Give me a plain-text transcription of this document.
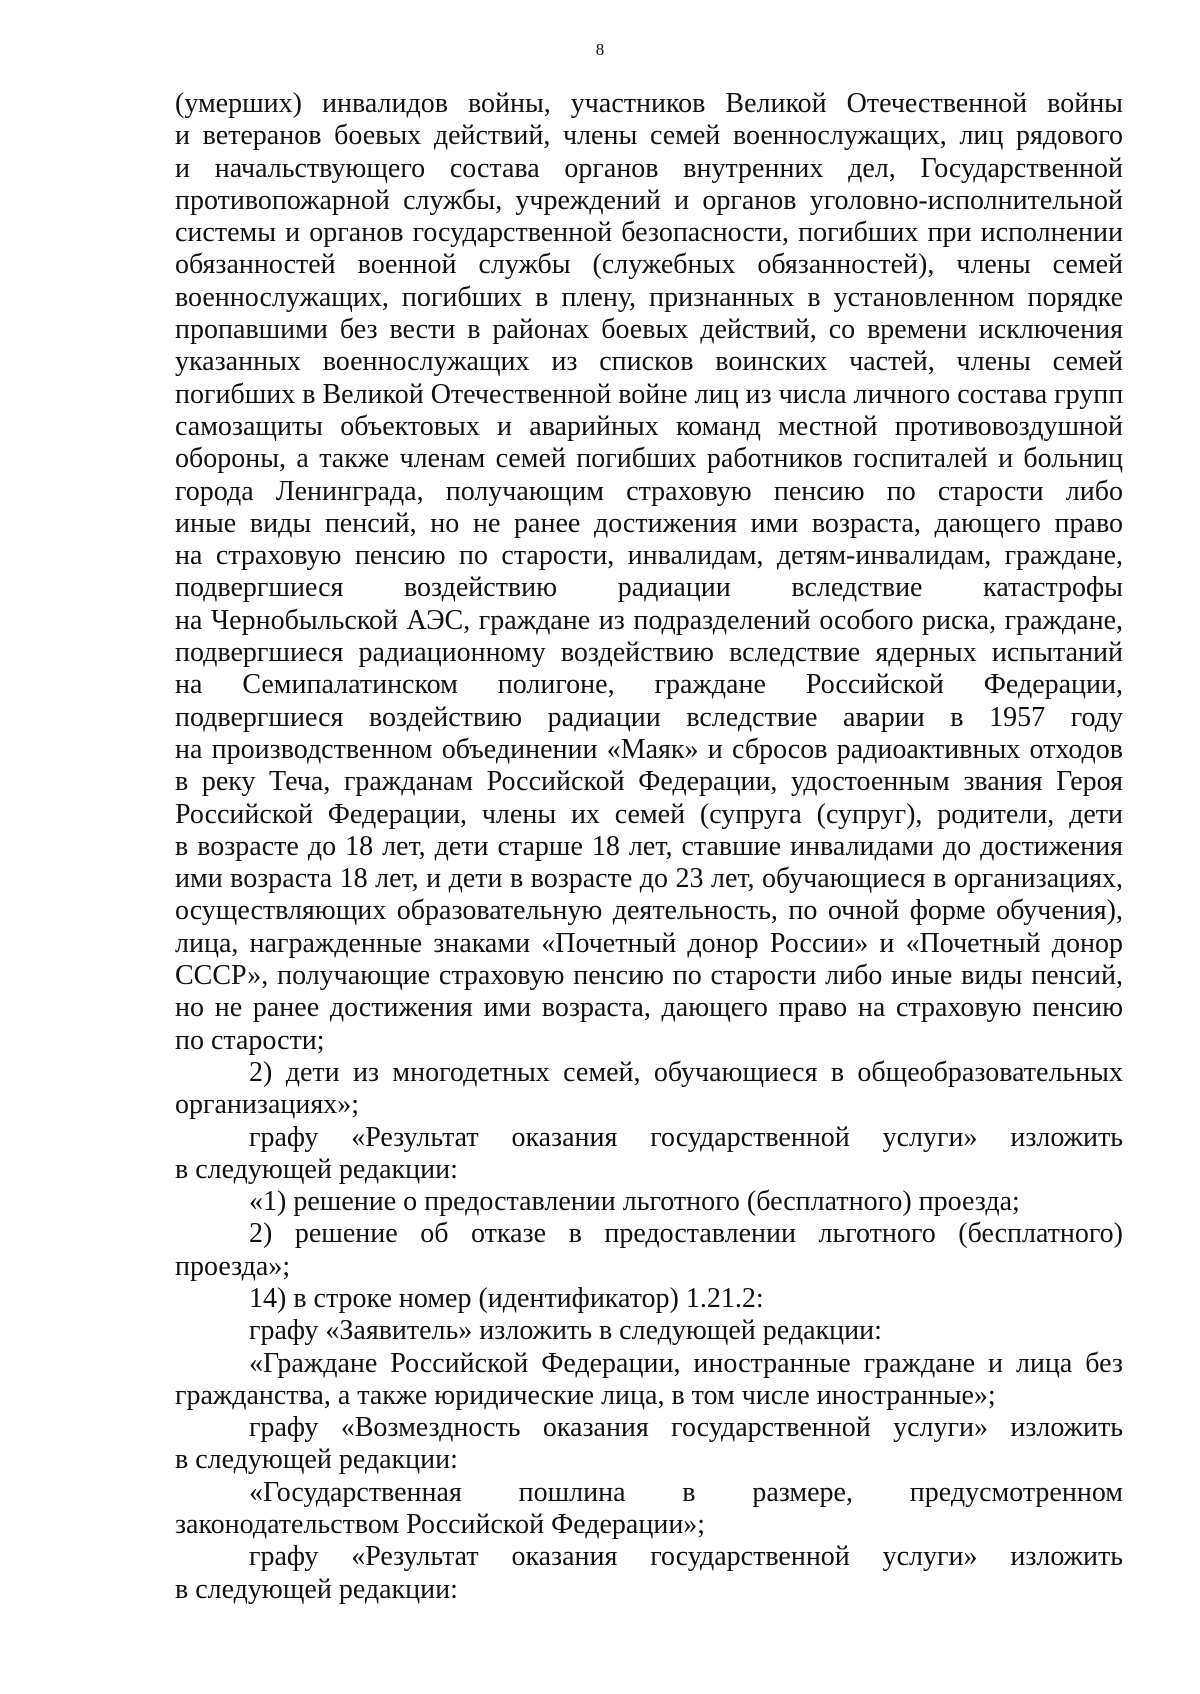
8
(умерших) инвалидов войны, участников Великой Отечественной войны
и ветеранов боевых действий, члены семей военнослужащих, лиц рядового
и начальствующего состава органов внутренних дел, Государственной
противопожарной службы, учреждений и органов уголовно-исполнительной
системы и органов государственной безопасности, погибших при исполнении
обязанностей военной службы (служебных обязанностей), члены семей
военнослужащих, погибших в плену, признанных в установленном порядке
пропавшими без вести в районах боевых действий, со времени исключения
указанных военнослужащих из списков воинских частей, члены семей
погибших в Великой Отечественной войне лиц из числа личного состава групп
самозащиты объектовых и аварийных команд местной противовоздушной
обороны, а также членам семей погибших работников госпиталей и больниц
города Ленинграда, получающим страховую пенсию по старости либо
иные виды пенсий, но не ранее достижения ими возраста, дающего право
на страховую пенсию по старости, инвалидам, детям-инвалидам, граждане,
подвергшиеся воздействию радиации вследствие катастрофы
на Чернобыльской АЭС, граждане из подразделений особого риска, граждане,
подвергшиеся радиационному воздействию вследствие ядерных испытаний
на Семипалатинском полигоне, граждане Российской Федерации,
подвергшиеся воздействию радиации вследствие аварии в 1957 году
на производственном объединении «Маяк» и сбросов радиоактивных отходов
в реку Теча, гражданам Российской Федерации, удостоенным звания Героя
Российской Федерации, члены их семей (супруга (супруг), родители, дети
в возрасте до 18 лет, дети старше 18 лет, ставшие инвалидами до достижения
ими возраста 18 лет, и дети в возрасте до 23 лет, обучающиеся в организациях,
осуществляющих образовательную деятельность, по очной форме обучения),
лица, награжденные знаками «Почетный донор России» и «Почетный донор
СССР», получающие страховую пенсию по старости либо иные виды пенсий,
но не ранее достижения ими возраста, дающего право на страховую пенсию
по старости;
2) дети из многодетных семей, обучающиеся в общеобразовательных
организациях»;
графу «Результат оказания государственной услуги» изложить
в следующей редакции:
«1) решение о предоставлении льготного (бесплатного) проезда;
2) решение об отказе в предоставлении льготного (бесплатного)
проезда»;
14) в строке номер (идентификатор) 1.21.2:
графу «Заявитель» изложить в следующей редакции:
«Граждане Российской Федерации, иностранные граждане и лица без
гражданства, а также юридические лица, в том числе иностранные»;
графу «Возмездность оказания государственной услуги» изложить
в следующей редакции:
«Государственная пошлина в размере, предусмотренном
законодательством Российской Федерации»;
графу «Результат оказания государственной услуги» изложить
в следующей редакции:
